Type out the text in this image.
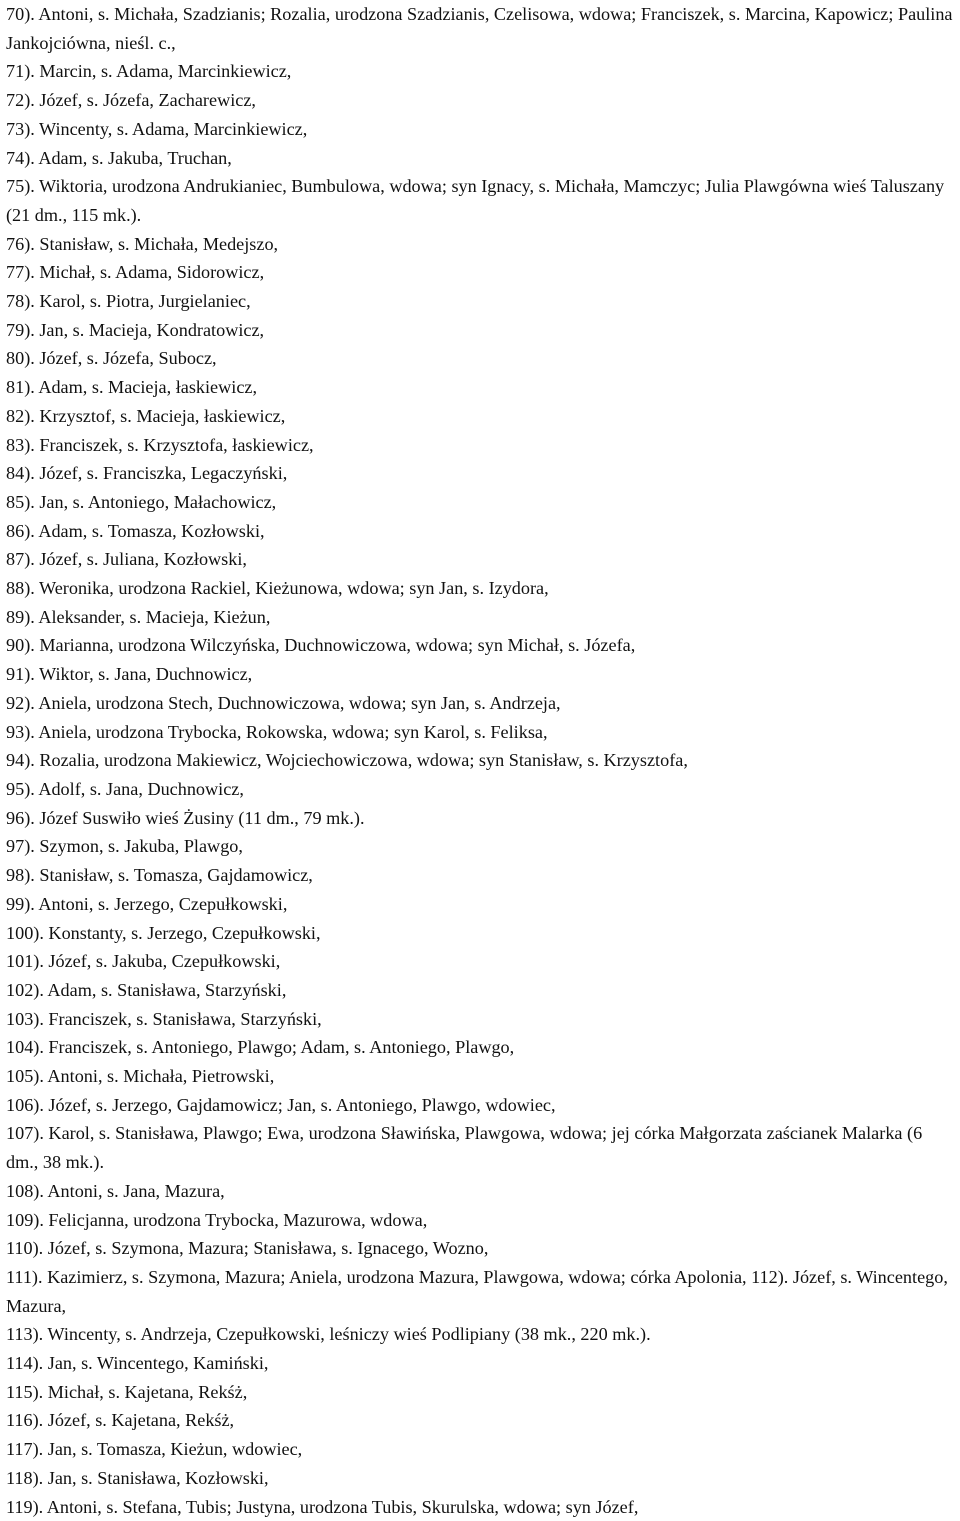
70). Antoni, s. Michała, Szadzianis; Rozalia, urodzona Szadzianis, Czelisowa, wdowa; Franciszek, s. Marcina, Kapowicz; Paulina Jankojciówna, nieśl. c.,

71). Marcin, s. Adama, Marcinkiewicz,

72). Józef, s. Józefa, Zacharewicz,

73). Wincenty, s. Adama, Marcinkiewicz,

74). Adam, s. Jakuba, Truchan,

75). Wiktoria, urodzona Andrukianiec, Bumbulowa, wdowa; syn Ignacy, s. Michała, Mamczyc; Julia Plawgówna wieś Taluszany (21 dm., 115 mk.).

76). Stanisław, s. Michała, Medejszo,

77). Michał, s. Adama, Sidorowicz,

78). Karol, s. Piotra, Jurgielaniec,

79). Jan, s. Macieja, Kondratowicz,

80). Józef, s. Józefa, Subocz,

81). Adam, s. Macieja, łaskiewicz,

82). Krzysztof, s. Macieja, łaskiewicz,

83). Franciszek, s. Krzysztofa, łaskiewicz,

84). Józef, s. Franciszka, Legaczyński,

85). Jan, s. Antoniego, Małachowicz,

86). Adam, s. Tomasza, Kozłowski,

87). Józef, s. Juliana, Kozłowski,

88). Weronika, urodzona Rackiel, Kieżunowa, wdowa; syn Jan, s. Izydora,

89). Aleksander, s. Macieja, Kieżun,

90). Marianna, urodzona Wilczyńska, Duchnowiczowa, wdowa; syn Michał, s. Józefa,

91). Wiktor, s. Jana, Duchnowicz,

92). Aniela, urodzona Stech, Duchnowiczowa, wdowa; syn Jan, s. Andrzeja,

93). Aniela, urodzona Trybocka, Rokowska, wdowa; syn Karol, s. Feliksa,

94). Rozalia, urodzona Makiewicz, Wojciechowiczowa, wdowa; syn Stanisław, s. Krzysztofa,

95). Adolf, s. Jana, Duchnowicz,

96). Józef Suswiło wieś Żusiny (11 dm., 79 mk.).

97). Szymon, s. Jakuba, Plawgo,

98). Stanisław, s. Tomasza, Gajdamowicz,

99). Antoni, s. Jerzego, Czepułkowski,

100). Konstanty, s. Jerzego, Czepułkowski,

101). Józef, s. Jakuba, Czepułkowski,

102). Adam, s. Stanisława, Starzyński,

103). Franciszek, s. Stanisława, Starzyński,

104). Franciszek, s. Antoniego, Plawgo; Adam, s. Antoniego, Plawgo,

105). Antoni, s. Michała, Pietrowski,

106). Józef, s. Jerzego, Gajdamowicz; Jan, s. Antoniego, Plawgo, wdowiec,

107). Karol, s. Stanisława, Plawgo; Ewa, urodzona Sławińska, Plawgowa, wdowa; jej córka Małgorzata zaścianek Malarka (6 dm., 38 mk.).

108). Antoni, s. Jana, Mazura,

109). Felicjanna, urodzona Trybocka, Mazurowa, wdowa,

110). Józef, s. Szymona, Mazura; Stanisława, s. Ignacego, Wozno,

111). Kazimierz, s. Szymona, Mazura; Aniela, urodzona Mazura, Plawgowa, wdowa; córka Apolonia, 112). Józef, s. Wincentego, Mazura,

113). Wincenty, s. Andrzeja, Czepułkowski, leśniczy wieś Podlipiany (38 mk., 220 mk.).

114). Jan, s. Wincentego, Kamiński,

115). Michał, s. Kajetana, Rekśż,

116). Józef, s. Kajetana, Rekśż,

117). Jan, s. Tomasza, Kieżun, wdowiec,

118). Jan, s. Stanisława, Kozłowski,

119). Antoni, s. Stefana, Tubis; Justyna, urodzona Tubis, Skurulska, wdowa; syn Józef,
